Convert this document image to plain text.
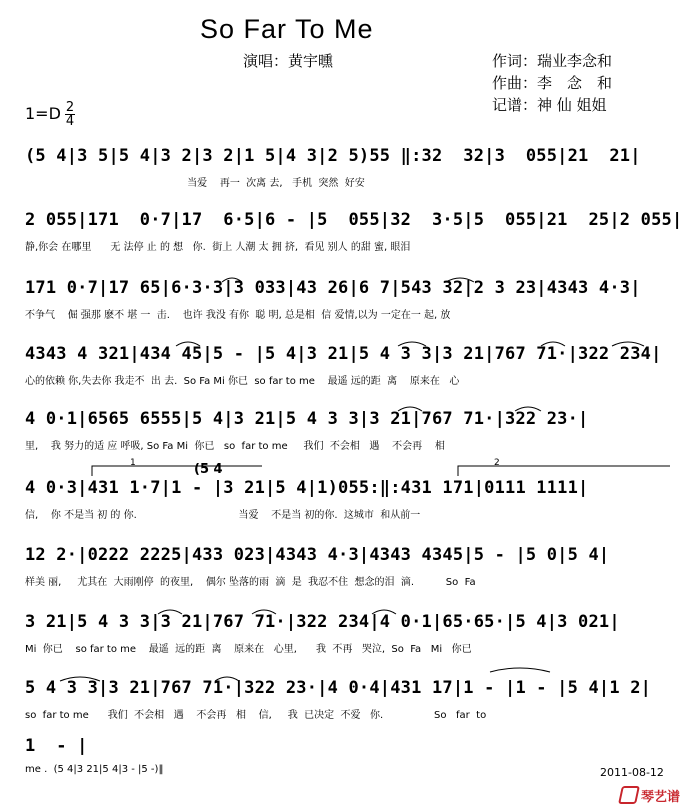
So Far To Me
演唱：黄宇曛	作词：瑞业李念和
作曲：李　念　和
记谱：神 仙 姐姐
1=D 2
4
(5 4|3 5|5 4|3 2|3 2|1 5|4 3|2 5)55 ‖:32  32|3  055|21  21|
当爱    再一  次离 去,   手机  突然  好安
2 055|171  0·7|17  6·5|6 - |5  055|32  3·5|5  055|21  25|2 055|
静,你会 在哪里      无 法停 止 的 想   你.  街上 人潮 太 拥 挤,  看见 别人 的甜 蜜, 眼泪
171 0·7|17 65|6·3·3|3 033|43 26|6 7|543 32|2 3 23|4343 4·3|
不争气    倔 强那 麽不 堪 一  击.    也许 我没 有你  聪 明, 总是相  信 爱情,以为 一定在一 起, 放
4343 4 321|434 45|5 - |5 4|3 21|5 4 3 3|3 21|767 71·|322 234|
心的依赖 你,失去你 我走不  出 去.  So Fa Mi 你已  so far to me    最遥 远的距  离    原来在   心
4 0·1|6565 6555|5 4|3 21|5 4 3 3|3 21|767 71·|322 23·|
里,    我 努力的适 应 呼吸, So Fa Mi  你已   so  far to me     我们  不会相   遇    不会再    相
4 0·3|431 1·7|1 - |3 21|5 4|1)055:‖:431 171|0111 1111|
信,    你 不是当 初 的 你.                                当爱    不是当 初的你.  这城市  和从前一
12 2·|0222 2225|433 023|4343 4·3|4343 4345|5 - |5 0|5 4|
样美 丽,     尤其在  大雨刚停  的夜里,    偶尔 坠落的雨  滴  是  我忍不住  想念的泪  滴.          So  Fa
3 21|5 4 3 3|3 21|767 71·|322 234|4 0·1|65·65·|5 4|3 021|
Mi  你已    so far to me    最遥  远的距  离    原来在   心里,      我  不再   哭泣,  So  Fa   Mi   你已
5 4 3 3|3 21|767 71·|322 23·|4 0·4|431 17|1 - |1 - |5 4|1 2|
so  far to me      我们  不会相   遇    不会再   相    信,     我  已决定  不爱   你.                So   far  to
1  - |
me .  (5 4|3 21|5 4|3 - |5 -)‖
1	2
(5 4
2011-08-12
琴艺谱
